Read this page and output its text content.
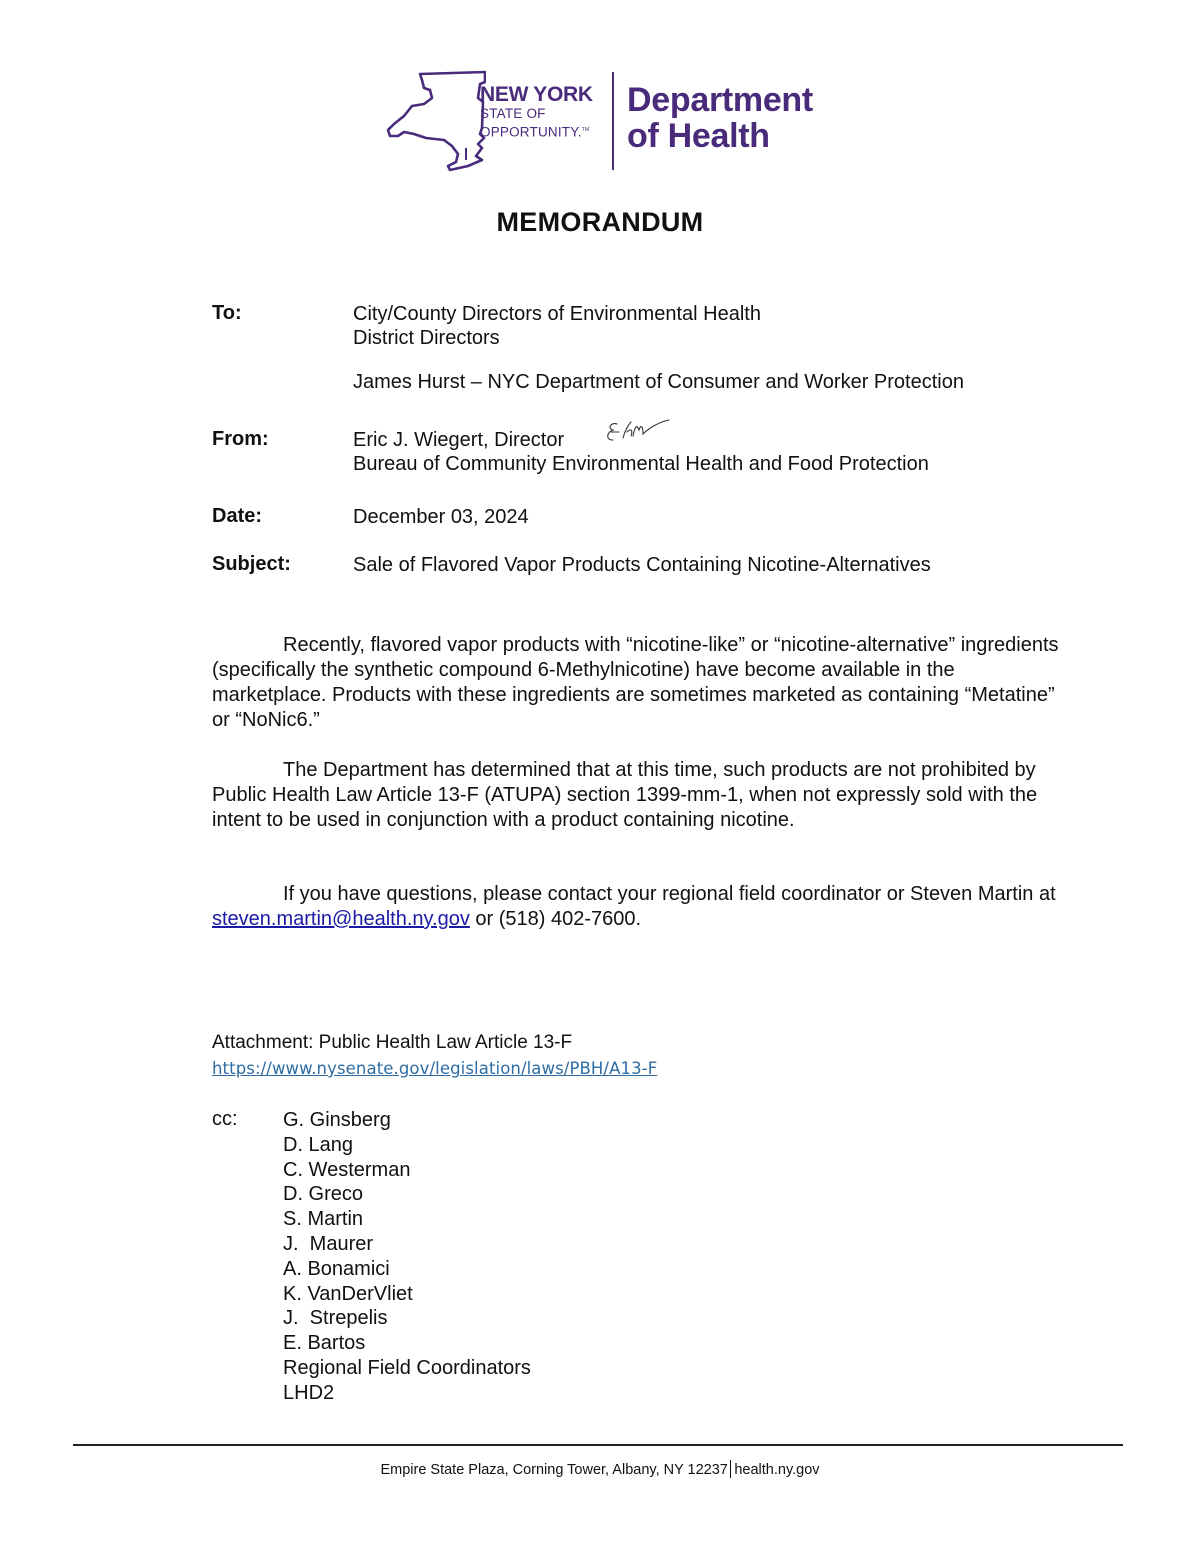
NEW YORK
STATE OF
OPPORTUNITY.™
Department
of Health
MEMORANDUM
To:	City/County Directors of Environmental Health
District Directors
James Hurst – NYC Department of Consumer and Worker Protection
From:	Eric J. Wiegert, Director
Bureau of Community Environmental Health and Food Protection
Date:	December 03, 2024
Subject:	Sale of Flavored Vapor Products Containing Nicotine-Alternatives
Recently, flavored vapor products with “nicotine-like” or “nicotine-alternative” ingredients (specifically the synthetic compound 6-Methylnicotine) have become available in the marketplace. Products with these ingredients are sometimes marketed as containing “Metatine” or “NoNic6.”
The Department has determined that at this time, such products are not prohibited by Public Health Law Article 13-F (ATUPA) section 1399-mm-1, when not expressly sold with the intent to be used in conjunction with a product containing nicotine.
If you have questions, please contact your regional field coordinator or Steven Martin at steven.martin@health.ny.gov or (518) 402-7600.
Attachment: Public Health Law Article 13-F
https://www.nysenate.gov/legislation/laws/PBH/A13-F
cc: G. Ginsberg
D. Lang
C. Westerman
D. Greco
S. Martin
J.  Maurer
A. Bonamici
K. VanDerVliet
J.  Strepelis
E. Bartos
Regional Field Coordinators
LHD2
Empire State Plaza, Corning Tower, Albany, NY 12237 health.ny.gov
